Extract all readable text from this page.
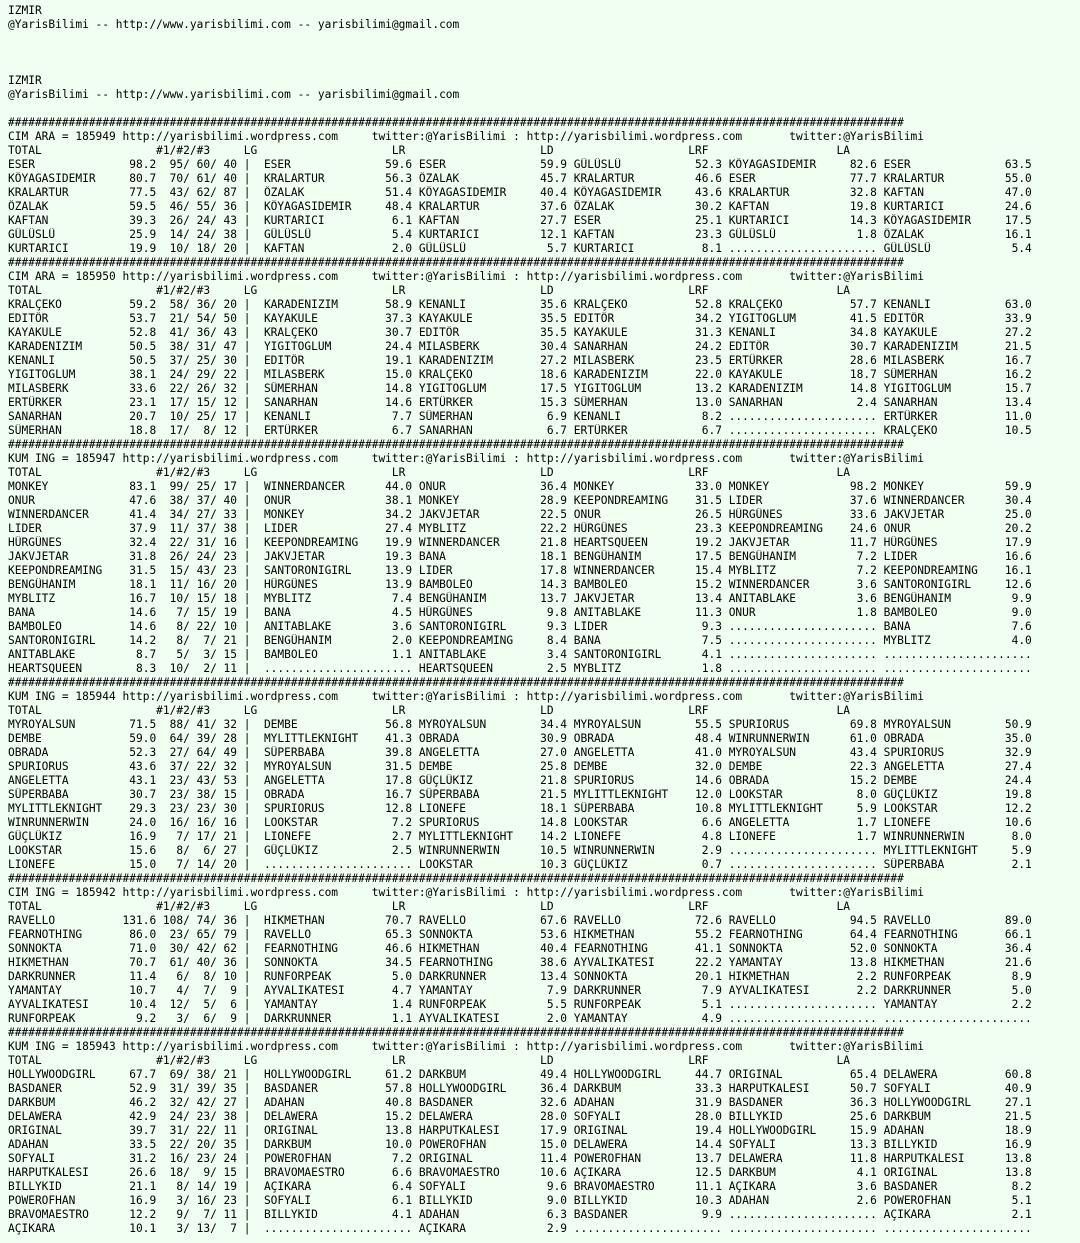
IZMIR
@YarisBilimi -- http://www.yarisbilimi.com -- yarisbilimi@gmail.com
IZMIR
@YarisBilimi -- http://www.yarisbilimi.com -- yarisbilimi@gmail.com
#####################################################################################################################################
CIM ARA = 185949 http://yarisbilimi.wordpress.com     twitter:@YarisBilimi : http://yarisbilimi.wordpress.com       twitter:@YarisBilimi
TOTAL                 #1/#2/#3     LG                    LR                    LD                    LRF                   LA
ESER              98.2  95/ 60/ 40 |  ESER              59.6 ESER              59.9 GÜLÜSLÜ           52.3 KÖYAGASIDEMIR     82.6 ESER              63.5
KÖYAGASIDEMIR     80.7  70/ 61/ 40 |  KRALARTUR         56.3 ÖZALAK            45.7 KRALARTUR         46.6 ESER              77.7 KRALARTUR         55.0
KRALARTUR         77.5  43/ 62/ 87 |  ÖZALAK            51.4 KÖYAGASIDEMIR     40.4 KÖYAGASIDEMIR     43.6 KRALARTUR         32.8 KAFTAN            47.0
ÖZALAK            59.5  46/ 55/ 36 |  KÖYAGASIDEMIR     48.4 KRALARTUR         37.6 ÖZALAK            30.2 KAFTAN            19.8 KURTARICI         24.6
KAFTAN            39.3  26/ 24/ 43 |  KURTARICI          6.1 KAFTAN            27.7 ESER              25.1 KURTARICI         14.3 KÖYAGASIDEMIR     17.5
GÜLÜSLÜ           25.9  14/ 24/ 38 |  GÜLÜSLÜ            5.4 KURTARICI         12.1 KAFTAN            23.3 GÜLÜSLÜ            1.8 ÖZALAK            16.1
KURTARICI         19.9  10/ 18/ 20 |  KAFTAN             2.0 GÜLÜSLÜ            5.7 KURTARICI          8.1 ...................... GÜLÜSLÜ            5.4
#####################################################################################################################################
CIM ARA = 185950 http://yarisbilimi.wordpress.com     twitter:@YarisBilimi : http://yarisbilimi.wordpress.com       twitter:@YarisBilimi
TOTAL                 #1/#2/#3     LG                    LR                    LD                    LRF                   LA
KRALÇEKO          59.2  58/ 36/ 20 |  KARADENIZIM       58.9 KENANLI           35.6 KRALÇEKO          52.8 KRALÇEKO          57.7 KENANLI           63.0
EDITÖR            53.7  21/ 54/ 50 |  KAYAKULE          37.3 KAYAKULE          35.5 EDITÖR            34.2 YIGITOGLUM        41.5 EDITÖR            33.9
KAYAKULE          52.8  41/ 36/ 43 |  KRALÇEKO          30.7 EDITÖR            35.5 KAYAKULE          31.3 KENANLI           34.8 KAYAKULE          27.2
KARADENIZIM       50.5  38/ 31/ 47 |  YIGITOGLUM        24.4 MILASBERK         30.4 SANARHAN          24.2 EDITÖR            30.7 KARADENIZIM       21.5
KENANLI           50.5  37/ 25/ 30 |  EDITÖR            19.1 KARADENIZIM       27.2 MILASBERK         23.5 ERTÜRKER          28.6 MILASBERK         16.7
YIGITOGLUM        38.1  24/ 29/ 22 |  MILASBERK         15.0 KRALÇEKO          18.6 KARADENIZIM       22.0 KAYAKULE          18.7 SÜMERHAN          16.2
MILASBERK         33.6  22/ 26/ 32 |  SÜMERHAN          14.8 YIGITOGLUM        17.5 YIGITOGLUM        13.2 KARADENIZIM       14.8 YIGITOGLUM        15.7
ERTÜRKER          23.1  17/ 15/ 12 |  SANARHAN          14.6 ERTÜRKER          15.3 SÜMERHAN          13.0 SANARHAN           2.4 SANARHAN          13.4
SANARHAN          20.7  10/ 25/ 17 |  KENANLI            7.7 SÜMERHAN           6.9 KENANLI            8.2 ...................... ERTÜRKER          11.0
SÜMERHAN          18.8  17/  8/ 12 |  ERTÜRKER           6.7 SANARHAN           6.7 ERTÜRKER           6.7 ...................... KRALÇEKO          10.5
#####################################################################################################################################
KUM ING = 185947 http://yarisbilimi.wordpress.com     twitter:@YarisBilimi : http://yarisbilimi.wordpress.com       twitter:@YarisBilimi
TOTAL                 #1/#2/#3     LG                    LR                    LD                    LRF                   LA
MONKEY            83.1  99/ 25/ 17 |  WINNERDANCER      44.0 ONUR              36.4 MONKEY            33.0 MONKEY            98.2 MONKEY            59.9
ONUR              47.6  38/ 37/ 40 |  ONUR              38.1 MONKEY            28.9 KEEPONDREAMING    31.5 LIDER             37.6 WINNERDANCER      30.4
WINNERDANCER      41.4  34/ 27/ 33 |  MONKEY            34.2 JAKVJETAR         22.5 ONUR              26.5 HÜRGÜNES          33.6 JAKVJETAR         25.0
LIDER             37.9  11/ 37/ 38 |  LIDER             27.4 MYBLITZ           22.2 HÜRGÜNES          23.3 KEEPONDREAMING    24.6 ONUR              20.2
HÜRGÜNES          32.4  22/ 31/ 16 |  KEEPONDREAMING    19.9 WINNERDANCER      21.8 HEARTSQUEEN       19.2 JAKVJETAR         11.7 HÜRGÜNES          17.9
JAKVJETAR         31.8  26/ 24/ 23 |  JAKVJETAR         19.3 BANA              18.1 BENGÜHANIM        17.5 BENGÜHANIM         7.2 LIDER             16.6
KEEPONDREAMING    31.5  15/ 43/ 23 |  SANTORONIGIRL     13.9 LIDER             17.8 WINNERDANCER      15.4 MYBLITZ            7.2 KEEPONDREAMING    16.1
BENGÜHANIM        18.1  11/ 16/ 20 |  HÜRGÜNES          13.9 BAMBOLEO          14.3 BAMBOLEO          15.2 WINNERDANCER       3.6 SANTORONIGIRL     12.6
MYBLITZ           16.7  10/ 15/ 18 |  MYBLITZ            7.4 BENGÜHANIM        13.7 JAKVJETAR         13.4 ANITABLAKE         3.6 BENGÜHANIM         9.9
BANA              14.6   7/ 15/ 19 |  BANA               4.5 HÜRGÜNES           9.8 ANITABLAKE        11.3 ONUR               1.8 BAMBOLEO           9.0
BAMBOLEO          14.6   8/ 22/ 10 |  ANITABLAKE         3.6 SANTORONIGIRL      9.3 LIDER              9.3 ...................... BANA               7.6
SANTORONIGIRL     14.2   8/  7/ 21 |  BENGÜHANIM         2.0 KEEPONDREAMING     8.4 BANA               7.5 ...................... MYBLITZ            4.0
ANITABLAKE         8.7   5/  3/ 15 |  BAMBOLEO           1.1 ANITABLAKE         3.4 SANTORONIGIRL      4.1 ...................... ......................
HEARTSQUEEN        8.3  10/  2/ 11 |  ...................... HEARTSQUEEN        2.5 MYBLITZ            1.8 ...................... ......................
#####################################################################################################################################
KUM ING = 185944 http://yarisbilimi.wordpress.com     twitter:@YarisBilimi : http://yarisbilimi.wordpress.com       twitter:@YarisBilimi
TOTAL                 #1/#2/#3     LG                    LR                    LD                    LRF                   LA
MYROYALSUN        71.5  88/ 41/ 32 |  DEMBE             56.8 MYROYALSUN        34.4 MYROYALSUN        55.5 SPURIORUS         69.8 MYROYALSUN        50.9
DEMBE             59.0  64/ 39/ 28 |  MYLITTLEKNIGHT    41.3 OBRADA            30.9 OBRADA            48.4 WINRUNNERWIN      61.0 OBRADA            35.0
OBRADA            52.3  27/ 64/ 49 |  SÜPERBABA         39.8 ANGELETTA         27.0 ANGELETTA         41.0 MYROYALSUN        43.4 SPURIORUS         32.9
SPURIORUS         43.6  37/ 22/ 32 |  MYROYALSUN        31.5 DEMBE             25.8 DEMBE             32.0 DEMBE             22.3 ANGELETTA         27.4
ANGELETTA         43.1  23/ 43/ 53 |  ANGELETTA         17.8 GÜÇLÜKIZ          21.8 SPURIORUS         14.6 OBRADA            15.2 DEMBE             24.4
SÜPERBABA         30.7  23/ 38/ 15 |  OBRADA            16.7 SÜPERBABA         21.5 MYLITTLEKNIGHT    12.0 LOOKSTAR           8.0 GÜÇLÜKIZ          19.8
MYLITTLEKNIGHT    29.3  23/ 23/ 30 |  SPURIORUS         12.8 LIONEFE           18.1 SÜPERBABA         10.8 MYLITTLEKNIGHT     5.9 LOOKSTAR          12.2
WINRUNNERWIN      24.0  16/ 16/ 16 |  LOOKSTAR           7.2 SPURIORUS         14.8 LOOKSTAR           6.6 ANGELETTA          1.7 LIONEFE           10.6
GÜÇLÜKIZ          16.9   7/ 17/ 21 |  LIONEFE            2.7 MYLITTLEKNIGHT    14.2 LIONEFE            4.8 LIONEFE            1.7 WINRUNNERWIN       8.0
LOOKSTAR          15.6   8/  6/ 27 |  GÜÇLÜKIZ           2.5 WINRUNNERWIN      10.5 WINRUNNERWIN       2.9 ...................... MYLITTLEKNIGHT     5.9
LIONEFE           15.0   7/ 14/ 20 |  ...................... LOOKSTAR          10.3 GÜÇLÜKIZ           0.7 ...................... SÜPERBABA          2.1
#####################################################################################################################################
CIM ING = 185942 http://yarisbilimi.wordpress.com     twitter:@YarisBilimi : http://yarisbilimi.wordpress.com       twitter:@YarisBilimi
TOTAL                 #1/#2/#3     LG                    LR                    LD                    LRF                   LA
RAVELLO          131.6 108/ 74/ 36 |  HIKMETHAN         70.7 RAVELLO           67.6 RAVELLO           72.6 RAVELLO           94.5 RAVELLO           89.0
FEARNOTHING       86.0  23/ 65/ 79 |  RAVELLO           65.3 SONNOKTA          53.6 HIKMETHAN         55.2 FEARNOTHING       64.4 FEARNOTHING       66.1
SONNOKTA          71.0  30/ 42/ 62 |  FEARNOTHING       46.6 HIKMETHAN         40.4 FEARNOTHING       41.1 SONNOKTA          52.0 SONNOKTA          36.4
HIKMETHAN         70.7  61/ 40/ 36 |  SONNOKTA          34.5 FEARNOTHING       38.6 AYVALIKATESI      22.2 YAMANTAY          13.8 HIKMETHAN         21.6
DARKRUNNER        11.4   6/  8/ 10 |  RUNFORPEAK         5.0 DARKRUNNER        13.4 SONNOKTA          20.1 HIKMETHAN          2.2 RUNFORPEAK         8.9
YAMANTAY          10.7   4/  7/  9 |  AYVALIKATESI       4.7 YAMANTAY           7.9 DARKRUNNER         7.9 AYVALIKATESI       2.2 DARKRUNNER         5.0
AYVALIKATESI      10.4  12/  5/  6 |  YAMANTAY           1.4 RUNFORPEAK         5.5 RUNFORPEAK         5.1 ...................... YAMANTAY           2.2
RUNFORPEAK         9.2   3/  6/  9 |  DARKRUNNER         1.1 AYVALIKATESI       2.0 YAMANTAY           4.9 ...................... ......................
#####################################################################################################################################
KUM ING = 185943 http://yarisbilimi.wordpress.com     twitter:@YarisBilimi : http://yarisbilimi.wordpress.com       twitter:@YarisBilimi
TOTAL                 #1/#2/#3     LG                    LR                    LD                    LRF                   LA
HOLLYWOODGIRL     67.7  69/ 38/ 21 |  HOLLYWOODGIRL     61.2 DARKBUM           49.4 HOLLYWOODGIRL     44.7 ORIGINAL          65.4 DELAWERA          60.8
BASDANER          52.9  31/ 39/ 35 |  BASDANER          57.8 HOLLYWOODGIRL     36.4 DARKBUM           33.3 HARPUTKALESI      50.7 SOFYALI           40.9
DARKBUM           46.2  32/ 42/ 27 |  ADAHAN            40.8 BASDANER          32.6 ADAHAN            31.9 BASDANER          36.3 HOLLYWOODGIRL     27.1
DELAWERA          42.9  24/ 23/ 38 |  DELAWERA          15.2 DELAWERA          28.0 SOFYALI           28.0 BILLYKID          25.6 DARKBUM           21.5
ORIGINAL          39.7  31/ 22/ 11 |  ORIGINAL          13.8 HARPUTKALESI      17.9 ORIGINAL          19.4 HOLLYWOODGIRL     15.9 ADAHAN            18.9
ADAHAN            33.5  22/ 20/ 35 |  DARKBUM           10.0 POWEROFHAN        15.0 DELAWERA          14.4 SOFYALI           13.3 BILLYKID          16.9
SOFYALI           31.2  16/ 23/ 24 |  POWEROFHAN         7.2 ORIGINAL          11.4 POWEROFHAN        13.7 DELAWERA          11.8 HARPUTKALESI      13.8
HARPUTKALESI      26.6  18/  9/ 15 |  BRAVOMAESTRO       6.6 BRAVOMAESTRO      10.6 AÇIKARA           12.5 DARKBUM            4.1 ORIGINAL          13.8
BILLYKID          21.1   8/ 14/ 19 |  AÇIKARA            6.4 SOFYALI            9.6 BRAVOMAESTRO      11.1 AÇIKARA            3.6 BASDANER           8.2
POWEROFHAN        16.9   3/ 16/ 23 |  SOFYALI            6.1 BILLYKID           9.0 BILLYKID          10.3 ADAHAN             2.6 POWEROFHAN         5.1
BRAVOMAESTRO      12.2   9/  7/ 11 |  BILLYKID           4.1 ADAHAN             6.3 BASDANER           9.9 ...................... AÇIKARA            2.1
AÇIKARA           10.1   3/ 13/  7 |  ...................... AÇIKARA            2.9 ...................... ...................... ......................
